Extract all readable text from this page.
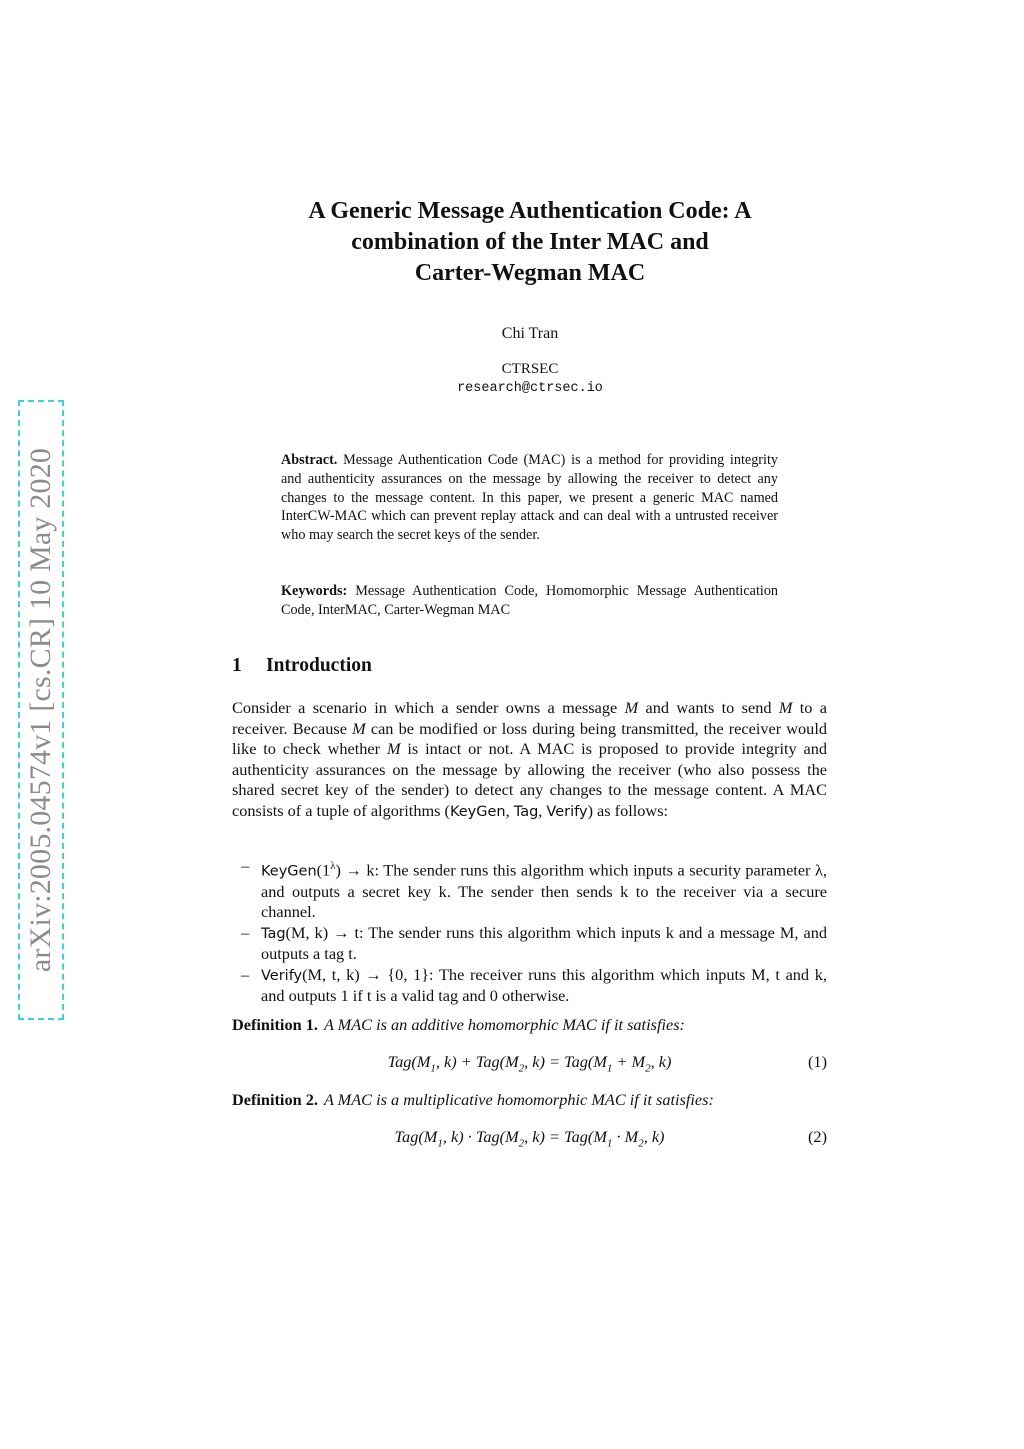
arXiv:2005.04574v1 [cs.CR] 10 May 2020
A Generic Message Authentication Code: A
combination of the Inter MAC and
Carter-Wegman MAC
Chi Tran
CTRSEC
research@ctrsec.io
Abstract. Message Authentication Code (MAC) is a method for providing integrity and authenticity assurances on the message by allowing the receiver to detect any changes to the message content. In this paper, we present a generic MAC named InterCW-MAC which can prevent replay attack and can deal with a untrusted receiver who may search the secret keys of the sender.
Keywords: Message Authentication Code, Homomorphic Message Authentication Code, InterMAC, Carter-Wegman MAC
1 Introduction
Consider a scenario in which a sender owns a message M and wants to send M to a receiver. Because M can be modified or loss during being transmitted, the receiver would like to check whether M is intact or not. A MAC is proposed to provide integrity and authenticity assurances on the message by allowing the receiver (who also possess the shared secret key of the sender) to detect any changes to the message content. A MAC consists of a tuple of algorithms (KeyGen, Tag, Verify) as follows:
– $KeyGen(1^\lambda) \to k$: The sender runs this algorithm which inputs a security parameter λ, and outputs a secret key k. The sender then sends k to the receiver via a secure channel.
– Tag(M, k) → t: The sender runs this algorithm which inputs k and a message M, and outputs a tag t.
– Verify(M, t, k) → {0, 1}: The receiver runs this algorithm which inputs M, t and k, and outputs 1 if t is a valid tag and 0 otherwise.
Definition 1. A MAC is an additive homomorphic MAC if it satisfies:
$Tag(M_1$, $k) + Tag(M_2$, $k) = Tag(M_1 + M_2$, k)	(1)
Definition 2. A MAC is a multiplicative homomorphic MAC if it satisfies:
$Tag(M_1$, $k) \cdot Tag(M_2$, $k) = Tag(M_1 \cdot M_2$, k)	(2)
